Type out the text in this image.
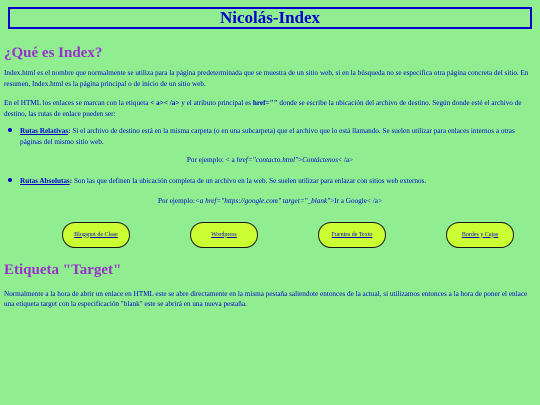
Nicolás-Index
¿Qué es Index?

Index.html es el nombre que normalmente se utiliza para la página predeterminada que se muestra de un sitio web, si en la búsqueda no se especifica otra página concreta del sitio. En resumen, Index.html es la página principal o de inicio de un sitio web.

En el HTML los enlaces se marcan con la etiqueta < a>< /a> y el atributo principal es href="" donde se escribe la ubicación del archivo de destino. Según donde esté el archivo de destino, las rutas de enlace pueden ser:

Rutas Relativas: Si el archivo de destino está en la misma carpeta (o en una subcarpeta) que el archivo que lo está llamando. Se suelen utilizar para enlaces internos a otras páginas del mismo sitio web.
Por ejemplo: < a href="contacto.html">Contáctenos< /a>
Rutas Absolutas: Son las que definen la ubicación completa de un archivo en la web. Se suelen utilizar para enlazar con sitios web externos.
Por ejemplo:<a href="https://google.com" target="_blank">Ir a Google< /a>
Blogspot de Clase	Wordpress	Fuentes de Texto	Bordes y Cajas
Etiqueta "Target"

Normalmente a la hora de abrir un enlace en HTML este se abre directamente en la misma pestaña saliendote entonces de la actual, si utilizamos entonces a la hora de poner el enlace una etiqueta target con la especificación "blank" este se abrirá en una nueva pestaña.
